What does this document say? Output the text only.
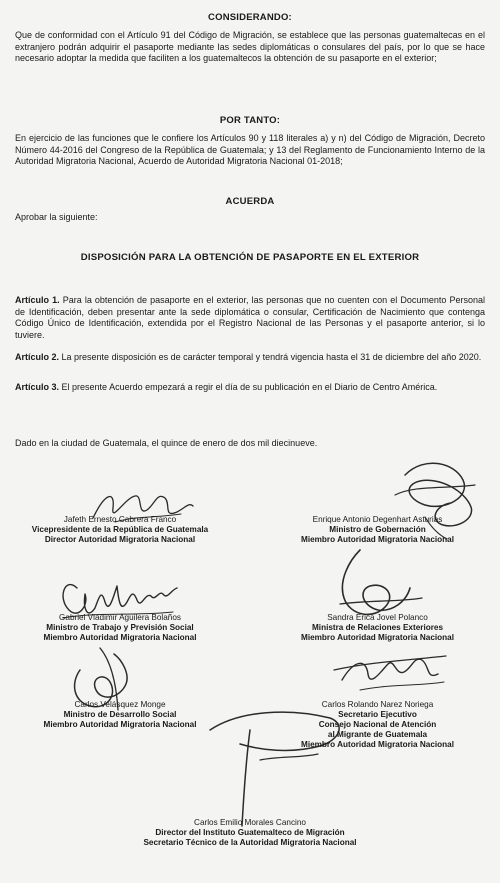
CONSIDERANDO:
Que de conformidad con el Artículo 91 del Código de Migración, se establece que las personas guatemaltecas en el extranjero podrán adquirir el pasaporte mediante las sedes diplomáticas o consulares del país, por lo que se hace necesario adoptar la medida que faciliten a los guatemaltecos la obtención de su pasaporte en el exterior;
POR TANTO:
En ejercicio de las funciones que le confiere los Artículos 90 y 118 literales a) y n) del Código de Migración, Decreto Número 44-2016 del Congreso de la República de Guatemala; y 13 del Reglamento de Funcionamiento Interno de la Autoridad Migratoria Nacional, Acuerdo de Autoridad Migratoria Nacional 01-2018;
ACUERDA
Aprobar la siguiente:
DISPOSICIÓN PARA LA OBTENCIÓN DE PASAPORTE EN EL EXTERIOR
Artículo 1. Para la obtención de pasaporte en el exterior, las personas que no cuenten con el Documento Personal de Identificación, deben presentar ante la sede diplomática o consular, Certificación de Nacimiento que contenga Código Único de Identificación, extendida por el Registro Nacional de las Personas y el pasaporte anterior, si lo tuviere.
Artículo 2. La presente disposición es de carácter temporal y tendrá vigencia hasta el 31 de diciembre del año 2020.
Artículo 3. El presente Acuerdo empezará a regir el día de su publicación en el Diario de Centro América.
Dado en la ciudad de Guatemala, el quince de enero de dos mil diecinueve.
Jafeth Ernesto Cabrera Franco
Vicepresidente de la República de Guatemala
Director Autoridad Migratoria Nacional
Enrique Antonio Degenhart Asturias
Ministro de Gobernación
Miembro Autoridad Migratoria Nacional
Gabriel Vladimir Aguilera Bolaños
Ministro de Trabajo y Previsión Social
Miembro Autoridad Migratoria Nacional
Sandra Erica Jovel Polanco
Ministra de Relaciones Exteriores
Miembro Autoridad Migratoria Nacional
Carlos Velásquez Monge
Ministro de Desarrollo Social
Miembro Autoridad Migratoria Nacional
Carlos Rolando Narez Noriega
Secretario Ejecutivo
Consejo Nacional de Atención
al Migrante de Guatemala
Miembro Autoridad Migratoria Nacional
Carlos Emilio Morales Cancino
Director del Instituto Guatemalteco de Migración
Secretario Técnico de la Autoridad Migratoria Nacional
